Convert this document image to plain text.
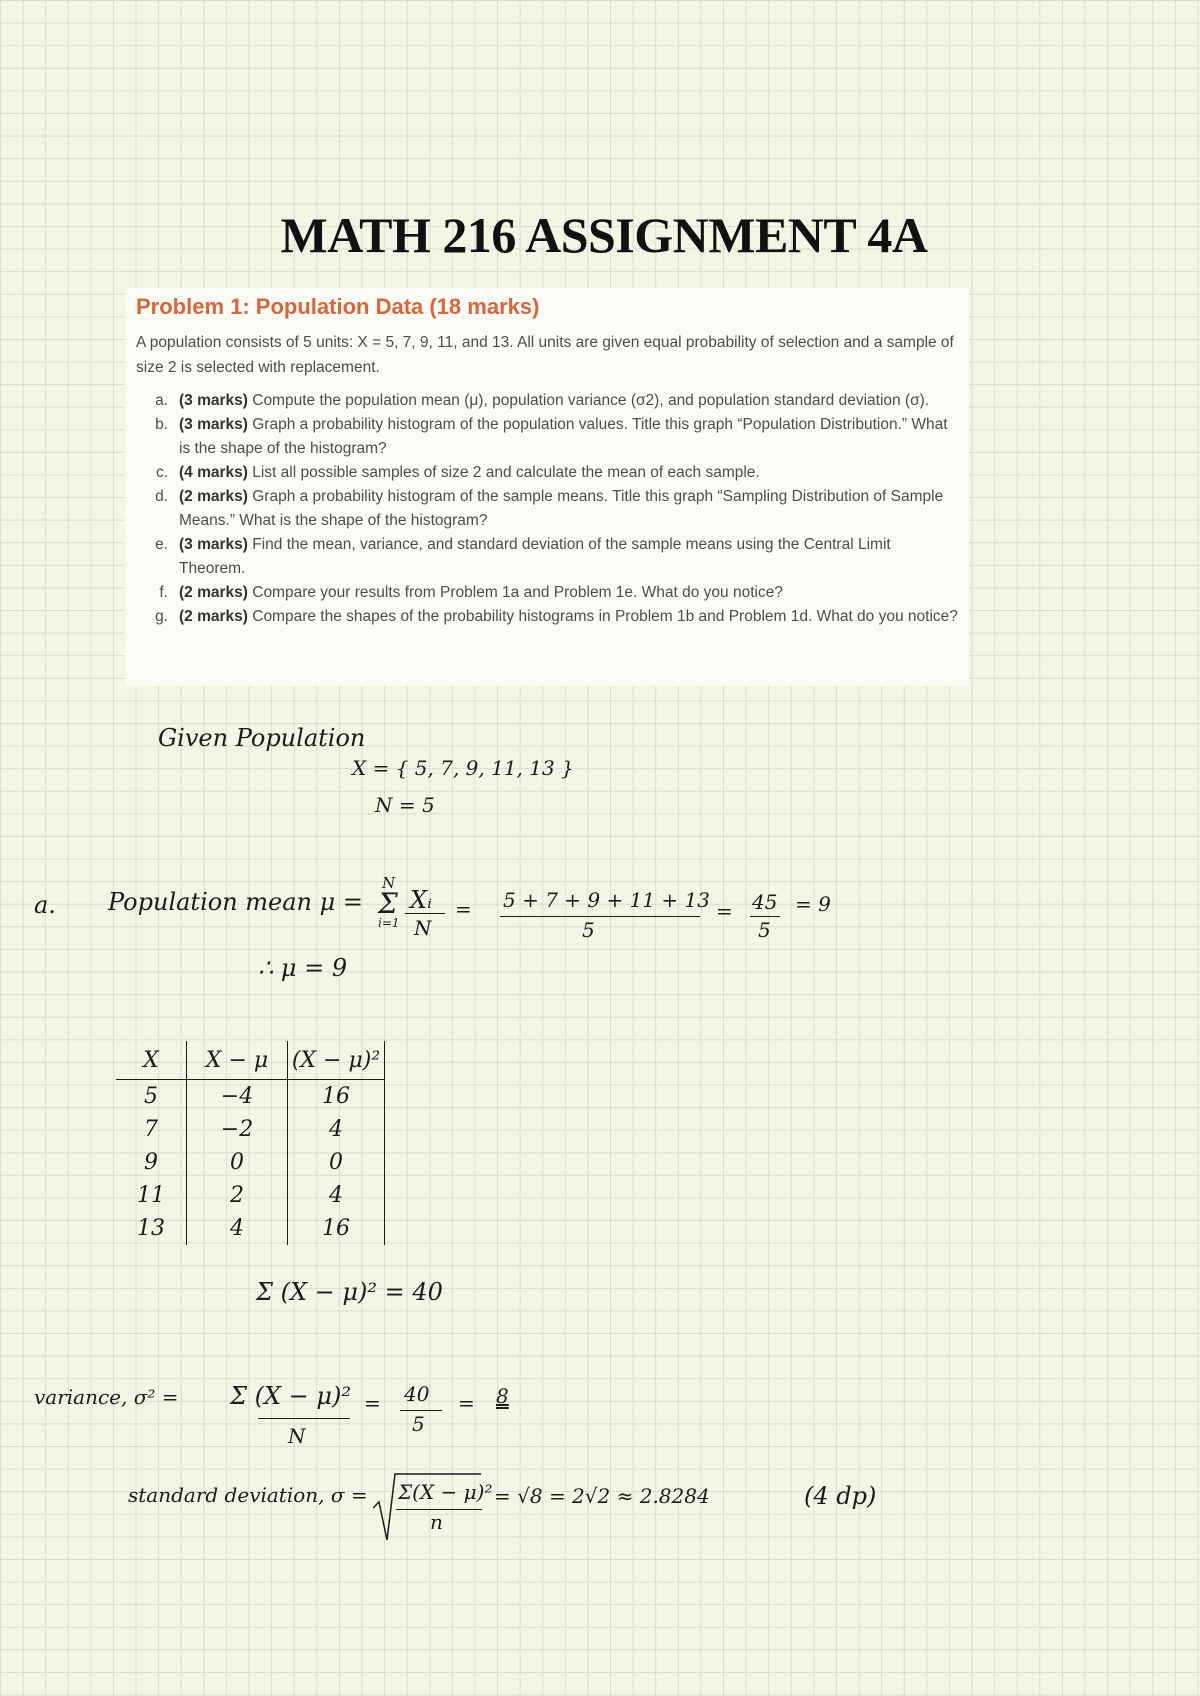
MATH 216 ASSIGNMENT 4A
Problem 1: Population Data (18 marks)

A population consists of 5 units: X = 5, 7, 9, 11, and 13. All units are given equal probability of selection and a sample of size 2 is selected with replacement.

a. (3 marks) Compute the population mean (μ), population variance (σ2), and population standard deviation (σ).
b. (3 marks) Graph a probability histogram of the population values. Title this graph “Population Distribution.” What is the shape of the histogram?
c. (4 marks) List all possible samples of size 2 and calculate the mean of each sample.
d. (2 marks) Graph a probability histogram of the sample means. Title this graph “Sampling Distribution of Sample Means.” What is the shape of the histogram?
e. (3 marks) Find the mean, variance, and standard deviation of the sample means using the Central Limit Theorem.
f. (2 marks) Compare your results from Problem 1a and Problem 1e. What do you notice?
g. (2 marks) Compare the shapes of the probability histograms in Problem 1b and Problem 1d. What do you notice?
Given Population
X = { 5, 7, 9, 11, 13 }
N = 5
a. Population mean μ =
N
Σ
i=1
Xᵢ
N
= 5 + 7 + 9 + 11 + 13
5
= 45
5
= 9
∴ μ = 9
X	X − μ	(X − μ)²
5	−4	16
7	−2	4
9	0	0
11	2	4
13	4	16
Σ (X − μ)² = 40
variance, σ² = Σ (X − μ)²
N
= 40
5
= 8
standard deviation, σ = Σ(X − μ)²
n
= √8 = 2√2 ≈ 2.8284	(4 dp)
